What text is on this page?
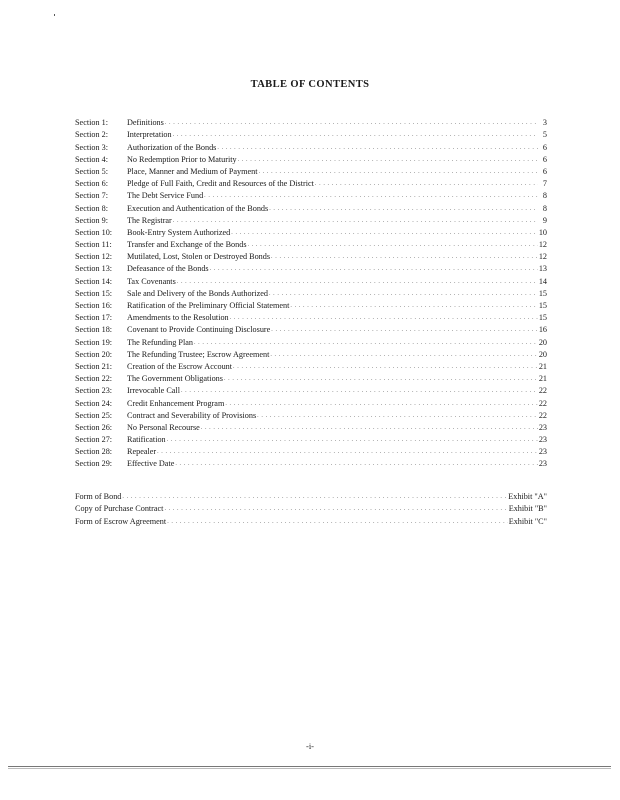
TABLE OF CONTENTS
Section 1:	Definitions . . .	3
Section 2:	Interpretation . . .	5
Section 3:	Authorization of the Bonds . . .	6
Section 4:	No Redemption Prior to Maturity . . .	6
Section 5:	Place, Manner and Medium of Payment . . .	6
Section 6:	Pledge of Full Faith, Credit and Resources of the District . . .	7
Section 7:	The Debt Service Fund . . .	8
Section 8:	Execution and Authentication of the Bonds . . .	8
Section 9:	The Registrar . . .	9
Section 10:	Book-Entry System Authorized . . .	10
Section 11:	Transfer and Exchange of the Bonds . . .	12
Section 12:	Mutilated, Lost, Stolen or Destroyed Bonds . . .	12
Section 13:	Defeasance of the Bonds . . .	13
Section 14:	Tax Covenants . . .	14
Section 15:	Sale and Delivery of the Bonds Authorized . . .	15
Section 16:	Ratification of the Preliminary Official Statement . . .	15
Section 17:	Amendments to the Resolution . . .	15
Section 18:	Covenant to Provide Continuing Disclosure . . .	16
Section 19:	The Refunding Plan . . .	20
Section 20:	The Refunding Trustee; Escrow Agreement . . .	20
Section 21:	Creation of the Escrow Account . . .	21
Section 22:	The Government Obligations . . .	21
Section 23:	Irrevocable Call . . .	22
Section 24:	Credit Enhancement Program . . .	22
Section 25:	Contract and Severability of Provisions . . .	22
Section 26:	No Personal Recourse . . .	23
Section 27:	Ratification . . .	23
Section 28:	Repealer . . .	23
Section 29:	Effective Date . . .	23
Form of Bond . . .	Exhibit "A"
Copy of Purchase Contract . . .	Exhibit "B"
Form of Escrow Agreement . . .	Exhibit "C"
-i-
